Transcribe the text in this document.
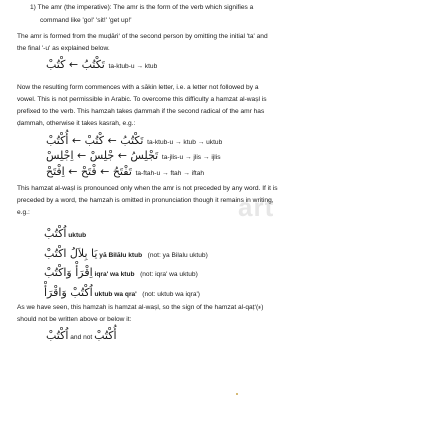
1) The amr (the imperative): The amr is the form of the verb which signifies a
command like 'go!' 'sit!' 'get up!'
The amr is formed from the muḍāri‘ of the second person by omitting the initial 'ta' and
the final '-u' as explained below.
تَكْتُبُ ← كْتُبْ ta-ktub-u → ktub
Now the resulting form commences with a sākin letter, i.e. a letter not followed by a
vowel. This is not permissible in Arabic. To overcome this difficulty a hamzat al-waṣl is
prefixed to the verb. This hamzah takes ḍammah if the second radical of the amr has
ḍammah, otherwise it takes kasrah, e.g.:
تَكْتُبُ ← كْتُبْ ← أُكْتُبْ ta-ktub-u → ktub → uktub
تَجْلِسُ ← جْلِسْ ← اِجْلِسْ ta-jlis-u → jlis → ijlis
تَفْتَحُ ← فْتَحْ ← اِفْتَحْ ta-ftah-u → ftah → iftah
art
This hamzat al-waṣl is pronounced only when the amr is not preceded by any word. If it is
preceded by a word, the hamzah is omitted in pronunciation though it remains in writing,
e.g.:
اُكْتُبْ uktub
يَا بِلاَلُ اكْتُبْ yā Bilālu ktub (not: ya Bilalu uktub)
اِقْرَأْ وَاكْتُبْ iqra' wa ktub (not: iqra' wa uktub)
اُكْتُبْ وَاقْرَأْ uktub wa qra' (not: uktub wa iqra')
As we have seen, this hamzah is hamzat al-waṣl, so the sign of the hamzat al-qaṭ‘(ء)
should not be written above or below it:
اُكْتُبْ and not أُكْتُبْ
